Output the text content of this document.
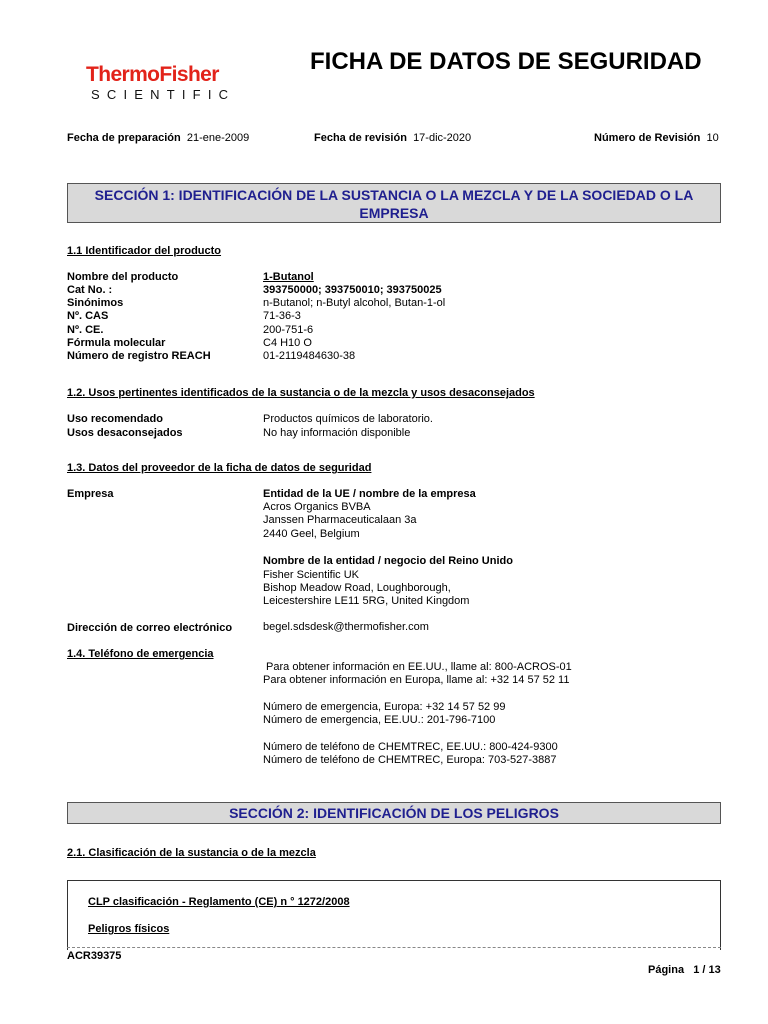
ThermoFisher
SCIENTIFIC
FICHA DE DATOS DE SEGURIDAD
Fecha de preparación 21-ene-2009	Fecha de revisión 17-dic-2020	Número de Revisión 10
SECCIÓN 1: IDENTIFICACIÓN DE LA SUSTANCIA O LA MEZCLA Y DE LA SOCIEDAD O LA
EMPRESA
1.1 Identificador del producto
Nombre del producto	1-Butanol
Cat No. :	393750000; 393750010; 393750025
Sinónimos	n-Butanol; n-Butyl alcohol, Butan-1-ol
Nº. CAS	71-36-3
Nº. CE.	200-751-6
Fórmula molecular	C4 H10 O
Número de registro REACH	01-2119484630-38
1.2. Usos pertinentes identificados de la sustancia o de la mezcla y usos desaconsejados
Uso recomendado	Productos químicos de laboratorio.
Usos desaconsejados	No hay información disponible
1.3. Datos del proveedor de la ficha de datos de seguridad
Empresa	Entidad de la UE / nombre de la empresa
Acros Organics BVBA
Janssen Pharmaceuticalaan 3a
2440 Geel, Belgium
Nombre de la entidad / negocio del Reino Unido
Fisher Scientific UK
Bishop Meadow Road, Loughborough,
Leicestershire LE11 5RG, United Kingdom
Dirección de correo electrónico	begel.sdsdesk@thermofisher.com
1.4. Teléfono de emergencia
Para obtener información en EE.UU., llame al: 800-ACROS-01
Para obtener información en Europa, llame al: +32 14 57 52 11
Número de emergencia, Europa: +32 14 57 52 99
Número de emergencia, EE.UU.: 201-796-7100
Número de teléfono de CHEMTREC, EE.UU.: 800-424-9300
Número de teléfono de CHEMTREC, Europa: 703-527-3887
SECCIÓN 2: IDENTIFICACIÓN DE LOS PELIGROS
2.1. Clasificación de la sustancia o de la mezcla
CLP clasificación - Reglamento (CE) n ° 1272/2008
Peligros físicos
ACR39375
Página   1 / 13
